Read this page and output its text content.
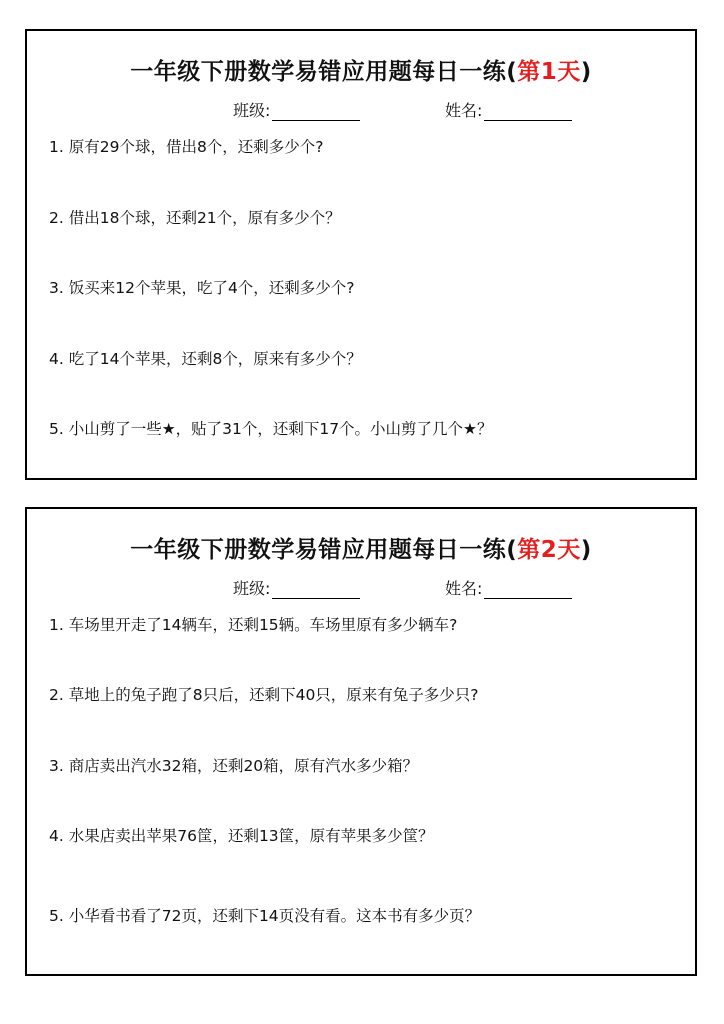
一年级下册数学易错应用题每日一练(第1天)
班级:	姓名:
1. 原有29个球，借出8个，还剩多少个?
2. 借出18个球，还剩21个，原有多少个？
3. 饭买来12个苹果，吃了4个，还剩多少个?
4. 吃了14个苹果，还剩8个，原来有多少个？
5. 小山剪了一些★，贴了31个，还剩下17个。小山剪了几个★？
一年级下册数学易错应用题每日一练(第2天)
班级:	姓名:
1. 车场里开走了14辆车，还剩15辆。车场里原有多少辆车?
2. 草地上的兔子跑了8只后，还剩下40只，原来有兔子多少只?
3. 商店卖出汽水32箱，还剩20箱，原有汽水多少箱？
4. 水果店卖出苹果76筐，还剩13筐，原有苹果多少筐？
5. 小华看书看了72页，还剩下14页没有看。这本书有多少页？
